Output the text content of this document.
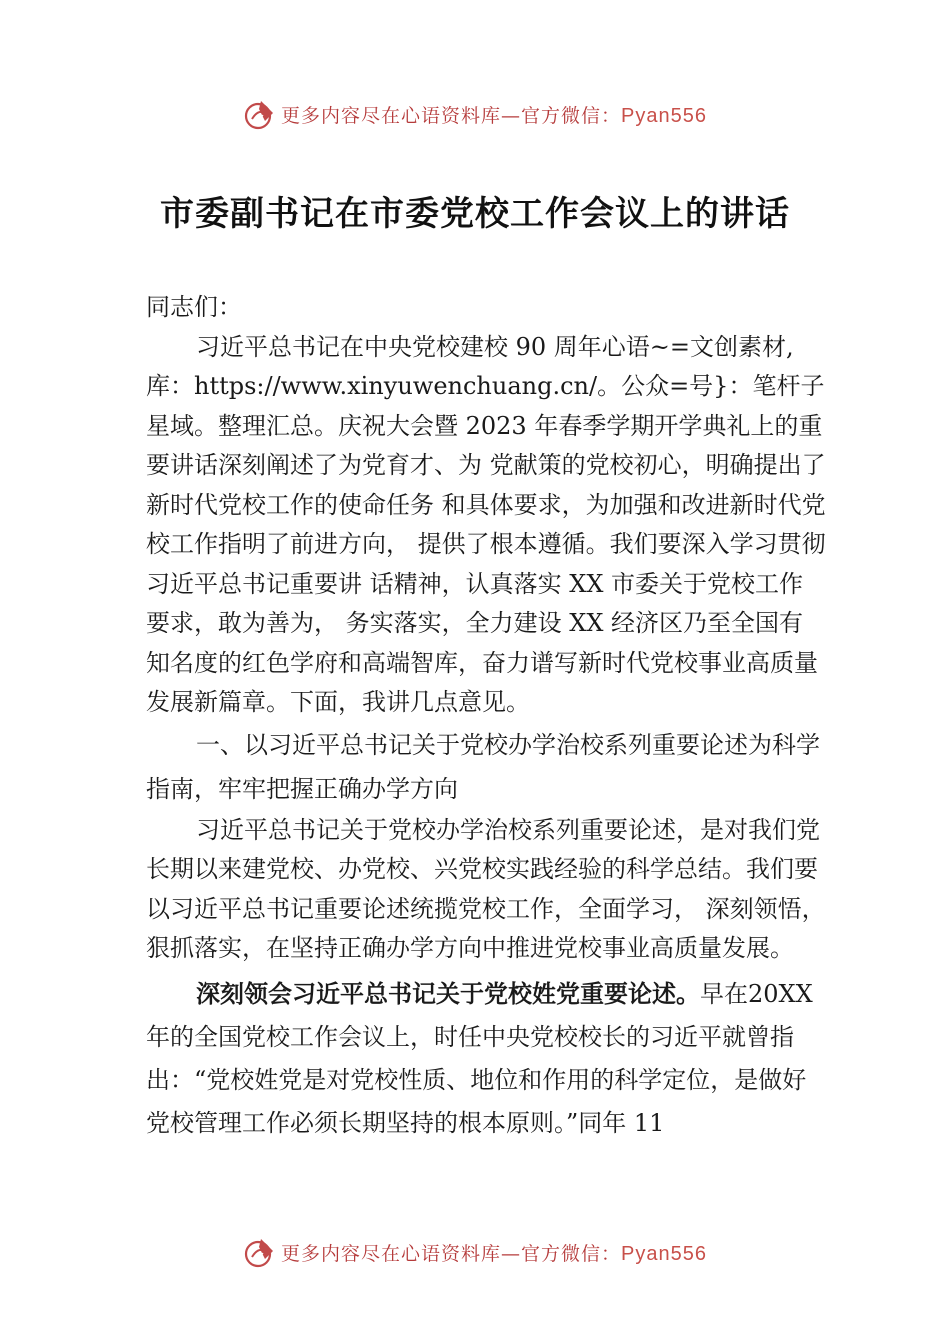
更多内容尽在心语资料库—官方微信：Pyan556
市委副书记在市委党校工作会议上的讲话

同志们：

习近平总书记在中央党校建校 90 周年心语~=文创素材,库：https://www.xinyuwenchuang.cn/。公众=号}：笔杆子星域。整理汇总。庆祝大会暨 2023 年春季学期开学典礼上的重要讲话深刻阐述了为党育才、为 党献策的党校初心，明确提出了新时代党校工作的使命任务 和具体要求，为加强和改进新时代党校工作指明了前进方向， 提供了根本遵循。我们要深入学习贯彻习近平总书记重要讲 话精神，认真落实 XX 市委关于党校工作要求，敢为善为， 务实落实，全力建设 XX 经济区乃至全国有知名度的红色学府和高端智库，奋力谱写新时代党校事业高质量发展新篇章。下面，我讲几点意见。

一、以习近平总书记关于党校办学治校系列重要论述为科学指南，牢牢把握正确办学方向

习近平总书记关于党校办学治校系列重要论述，是对我们党长期以来建党校、办党校、兴党校实践经验的科学总结。我们要以习近平总书记重要论述统揽党校工作，全面学习， 深刻领悟，狠抓落实，在坚持正确办学方向中推进党校事业高质量发展。

深刻领会习近平总书记关于党校姓党重要论述。早在20XX 年的全国党校工作会议上，时任中央党校校长的习近平就曾指出：“党校姓党是对党校性质、地位和作用的科学定位，是做好党校管理工作必须长期坚持的根本原则。”同年 11

更多内容尽在心语资料库—官方微信：Pyan556
